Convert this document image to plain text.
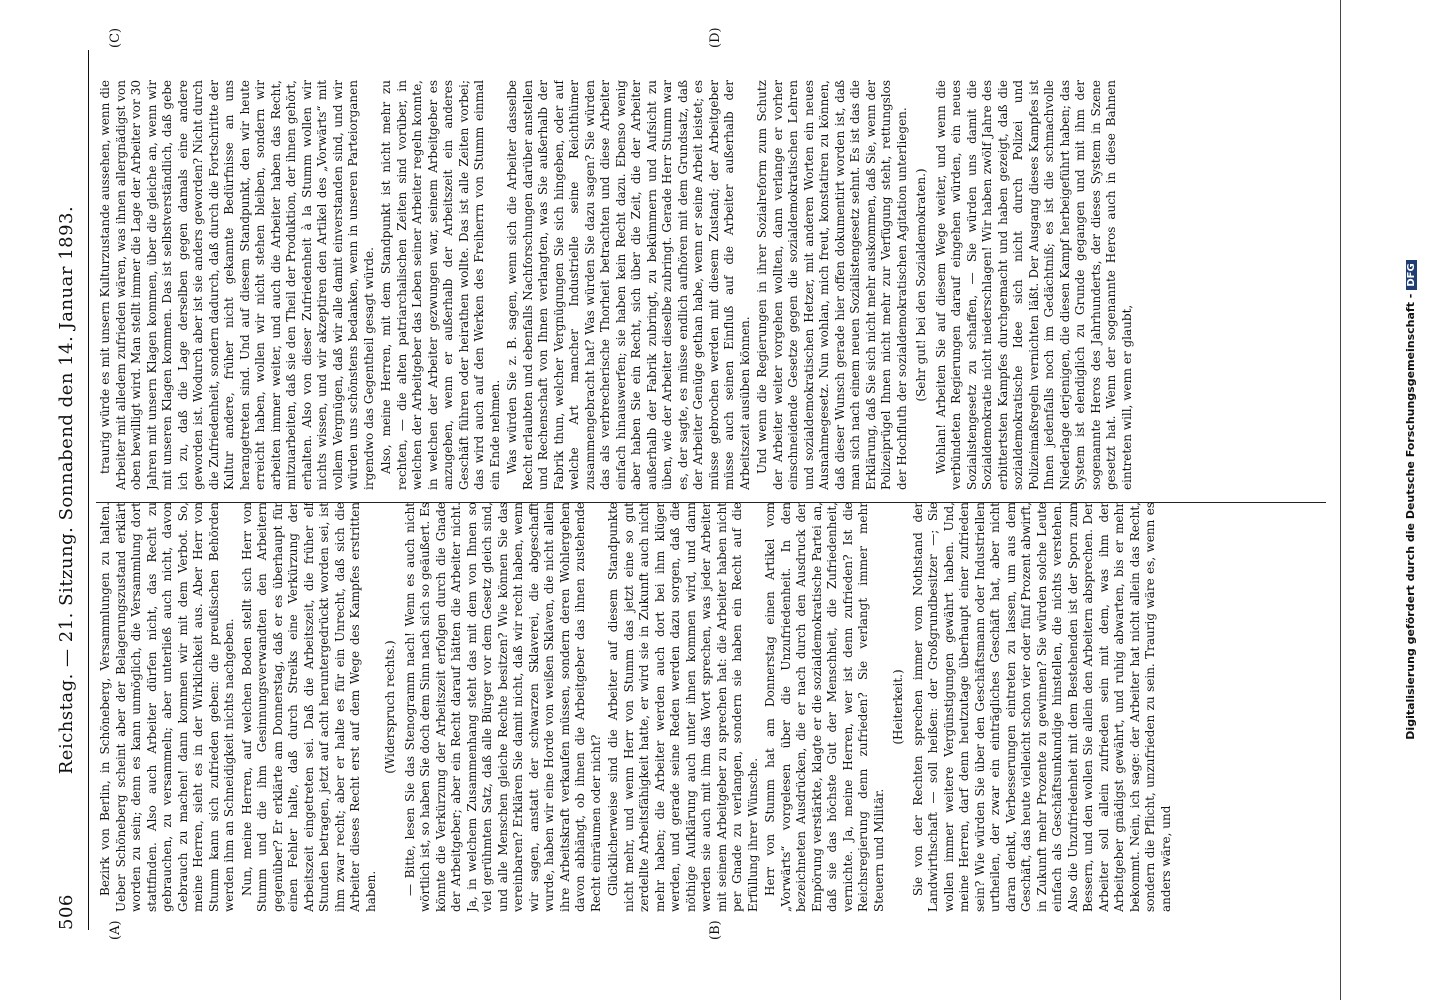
506
Reichstag. — 21. Sitzung. Sonnabend den 14. Januar 1893.
(A)	(B)
(C)	(D)

Bezirk von Berlin, in Schöneberg, Versammlungen zu halten. Ueber Schöneberg scheint aber der Belagerungszustand erklärt worden zu sein; denn es kann unmöglich, die Versammlung dort stattfinden. Also auch Arbeiter dürfen nicht, das Recht zu gebrauchen, zu versammeln; aber unterließ auch nicht, davon Gebrauch zu machen! dann kommen wir mit dem Verbot. So, meine Herren, sieht es in der Wirklichkeit aus. Aber Herr von Stumm kann sich zufrieden geben: die preußischen Behörden werden ihm an Schneidigkeit nichts nachgeben. Nun, meine Herren, auf welchen Boden stellt sich Herr von Stumm und die ihm Gesinnungsverwandten den Arbeitern gegenüber? Er erklärte am Donnerstag, daß er es überhaupt für einen Fehler halte, daß durch Streiks eine Verkürzung der Arbeitszeit eingetreten sei. Daß die Arbeitszeit, die früher elf Stunden betragen, jetzt auf acht heruntergedrückt worden sei, ist ihm zwar recht; aber er halte es für ein Unrecht, daß sich die Arbeiter dieses Recht erst auf dem Wege des Kampfes erstritten haben.

(Widerspruch rechts.) — Bitte, lesen Sie das Stenogramm nach! Wenn es auch nicht wörtlich ist, so haben Sie doch dem Sinn nach sich so geäußert. Es könnte die Verkürzung der Arbeitszeit erfolgen durch die Gnade der Arbeitgeber; aber ein Recht darauf hätten die Arbeiter nicht. Ja, in welchem Zusammenhang steht das mit dem von Ihnen so viel gerühmten Satz, daß alle Bürger vor dem Gesetz gleich sind, und alle Menschen gleiche Rechte besitzen? Wie können Sie das vereinbaren? Erklären Sie damit nicht, daß wir recht haben, wenn wir sagen, anstatt der schwarzen Sklaverei, die abgeschafft wurde, haben wir eine Horde von weißen Sklaven, die nicht allein ihre Arbeitskraft verkaufen müssen, sondern deren Wohlergehen davon abhängt, ob ihnen die Arbeitgeber das ihnen zustehende Recht einräumen oder nicht? Glücklicherweise sind die Arbeiter auf diesem Standpunkte nicht mehr, und wenn Herr von Stumm das jetzt eine so gut zerdellte Arbeitsfähigkeit hatte, er wird sie in Zukunft auch nicht mehr haben; die Arbeiter werden auch dort bei ihm klüger werden, und gerade seine Reden werden dazu sorgen, daß die nöthige Aufklärung auch unter ihnen kommen wird, und dann werden sie auch mit ihm das Wort sprechen, was jeder Arbeiter mit seinem Arbeitgeber zu sprechen hat: die Arbeiter haben nicht per Gnade zu verlangen, sondern sie haben ein Recht auf die Erfüllung ihrer Wünsche. Herr von Stumm hat am Donnerstag einen Artikel vom „Vorwärts“ vorgelesen über die Unzufriedenheit. In den bezeichneten Ausdrücken, die er nach durch den Ausdruck der Empörung verstärkte, klagte er die sozialdemokratische Partei an, daß sie das höchste Gut der Menschheit, die Zufriedenheit, vernichte. Ja, meine Herren, wer ist denn zufrieden? Ist die Reichsregierung denn zufrieden? Sie verlangt immer mehr Steuern und Militär.

(Heiterkeit.) Sie von der Rechten sprechen immer vom Nothstand der Landwirthschaft — soll heißen: der Großgrundbesitzer —; Sie wollen immer weitere Vergünstigungen gewährt haben. Und, meine Herren, darf denn heutzutage überhaupt einer zufrieden sein? Wie würden Sie über den Geschäftsmann oder Industriellen urtheilen, der zwar ein einträgliches Geschäft hat, aber nicht daran denkt, Verbesserungen eintreten zu lassen, um aus dem Geschäft, das heute vielleicht schon vier oder fünf Prozent abwirft, in Zukunft mehr Prozente zu gewinnen? Sie würden solche Leute einfach als Geschäftsunkundige hinstellen, die nichts verstehen. Also die Unzufriedenheit mit dem Bestehenden ist der Sporn zum Bessern, und den wollen Sie allein den Arbeitern absprechen. Der Arbeiter soll allein zufrieden sein mit dem, was ihm der Arbeitgeber gnädigst gewährt, und ruhig abwarten, bis er mehr bekommt. Nein, ich sage: der Arbeiter hat nicht allein das Recht, sondern die Pflicht, unzufrieden zu sein. Traurig wäre es, wenn es anders wäre, und

traurig würde es mit unsern Kulturzustande aussehen, wenn die Arbeiter mit alledem zufrieden wären, was ihnen allergnädigst von oben bewilligt wird. Man stellt immer die Lage der Arbeiter vor 30 Jahren mit unsern Klagen kommen, über die gleiche an, wenn wir mit unseren Klagen kommen. Das ist selbstverständlich, daß gebe ich zu, daß die Lage derselben gegen damals eine andere geworden ist. Wodurch aber ist sie anders geworden? Nicht durch die Zufriedenheit, sondern dadurch, daß durch die Fortschritte der Kultur andere, früher nicht gekannte Bedürfnisse an uns herangetreten sind. Und auf diesem Standpunkt, den wir heute erreicht haben, wollen wir nicht stehen bleiben, sondern wir arbeiten immer weiter, und auch die Arbeiter haben das Recht, mitzuarbeiten, daß sie den Theil der Produktion, der ihnen gehört, erhalten. Also von dieser Zufriedenheit à la Stumm wollen wir nichts wissen, und wir akzeptiren den Artikel des „Vorwärts“ mit vollem Vergnügen, daß wir alle damit einverstanden sind, und wir würden uns schönstens bedanken, wenn in unseren Parteiorganen irgendwo das Gegentheil gesagt würde. Also, meine Herren, mit dem Standpunkt ist nicht mehr zu rechten, — die alten patriarchalischen Zeiten sind vorüber, in welchen der Arbeitgeber das Leben seiner Arbeiter regeln konnte, in welchen der Arbeiter gezwungen war, seinem Arbeitgeber es anzugeben, wenn er außerhalb der Arbeitszeit ein anderes Geschäft führen oder heirathen wollte. Das ist alle Zeiten vorbei; das wird auch auf den Werken des Freiherrn von Stumm einmal ein Ende nehmen. Was würden Sie z. B. sagen, wenn sich die Arbeiter dasselbe Recht erlaubten und ebenfalls Nachforschungen darüber anstellen und Rechenschaft von Ihnen verlangten, was Sie außerhalb der Fabrik thun, welcher Vergnügungen Sie sich hingeben, oder auf welche Art mancher Industrielle seine Reichthümer zusammengebracht hat? Was würden Sie dazu sagen? Sie würden das als verbrecherische Thorheit betrachten und diese Arbeiter einfach hinauswerfen; sie haben kein Recht dazu. Ebenso wenig aber haben Sie ein Recht, sich über die Zeit, die der Arbeiter außerhalb der Fabrik zubringt, zu bekümmern und Aufsicht zu üben, wie der Arbeiter dieselbe zubringt. Gerade Herr Stumm war es, der sagte, es müsse endlich aufhören mit dem Grundsatz, daß der Arbeiter Genüge gethan habe, wenn er seine Arbeit leistet; es müsse gebrochen werden mit diesem Zustand; der Arbeitgeber müsse auch seinen Einfluß auf die Arbeiter außerhalb der Arbeitszeit ausüben können. Und wenn die Regierungen in ihrer Sozialreform zum Schutz der Arbeiter weiter vorgehen wollten, dann verlange er vorher einschneidende Gesetze gegen die sozialdemokratischen Lehren und sozialdemokratischen Hetzer, mit anderen Worten ein neues Ausnahmegesetz. Nun wohlan, mich freut, konstatiren zu können, daß dieser Wunsch gerade hier offen dokumentirt worden ist, daß man sich nach einem neuen Sozialistengesetz sehnt. Es ist das die Erklärung, daß Sie sich nicht mehr auskommen, daß Sie, wenn der Polizeiprügel Ihnen nicht mehr zur Verfügung steht, rettungslos der Hochfluth der sozialdemokratischen Agitation unterliegen. (Sehr gut! bei den Sozialdemokraten.) Wohlan! Arbeiten Sie auf diesem Wege weiter, und wenn die verbündeten Regierungen darauf eingehen würden, ein neues Sozialistengesetz zu schaffen, — Sie würden uns damit die Sozialdemokratie nicht niederschlagen! Wir haben zwölf Jahre des erbittertsten Kampfes durchgemacht und haben gezeigt, daß die sozialdemokratische Idee sich nicht durch Polizei und Polizeimaßregeln vernichten läßt. Der Ausgang dieses Kampfes ist Ihnen jedenfalls noch im Gedächtniß; es ist die schmachvolle Niederlage derjenigen, die diesen Kampf herbeigeführt haben; das System ist elendiglich zu Grunde gegangen und mit ihm der sogenannte Heros des Jahrhunderts, der dieses System in Szene gesetzt hat. Wenn der sogenannte Heros auch in diese Bahnen eintreten will, wenn er glaubt,	Digitalisierung gefördert durch die Deutsche Forschungsgemeinschaft -DFG
